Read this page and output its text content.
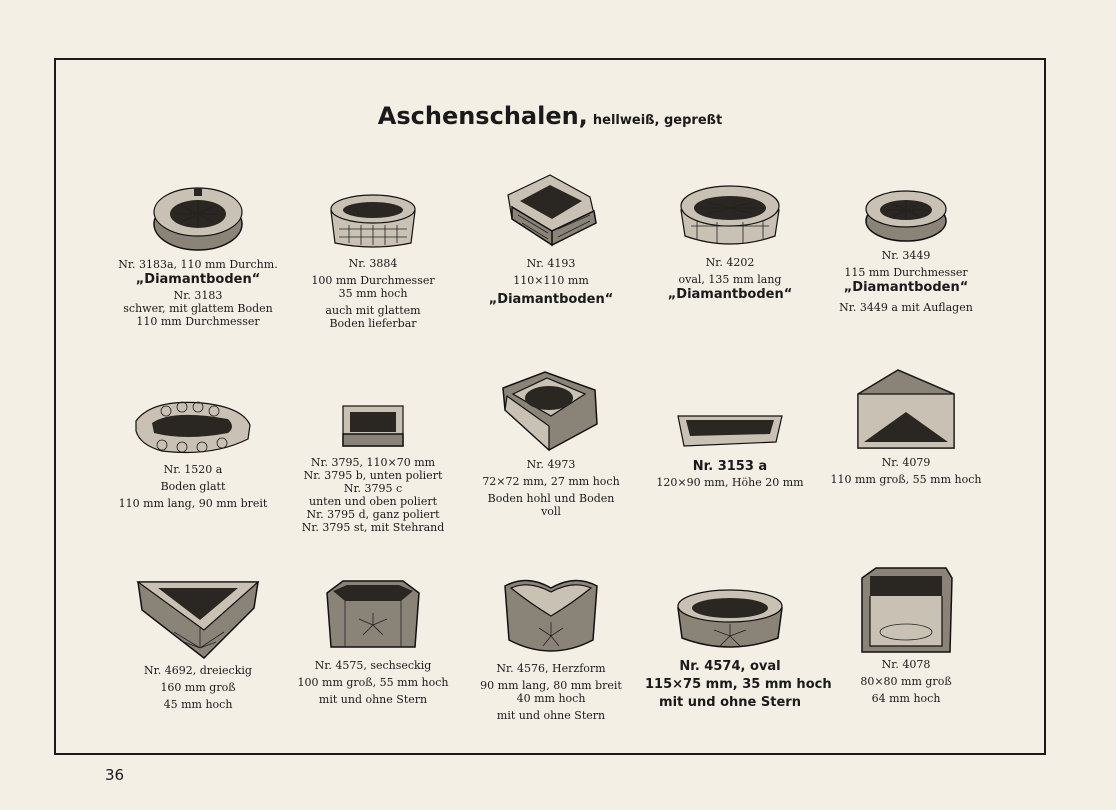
Aschenschalen, hellweiß, gepreßt
Nr. 3183a, 110 mm Durchm.
„Diamantboden“
Nr. 3183
schwer, mit glattem Boden
110 mm Durchmesser
Nr. 3884
100 mm Durchmesser
35 mm hoch
auch mit glattem
Boden lieferbar
Nr. 4193
110×110 mm
„Diamantboden“
Nr. 4202
oval, 135 mm lang
„Diamantboden“
Nr. 3449
115 mm Durchmesser
„Diamantboden“
Nr. 3449 a mit Auflagen
Nr. 1520 a
Boden glatt
110 mm lang, 90 mm breit
Nr. 3795, 110×70 mm
Nr. 3795 b, unten poliert
Nr. 3795 c
unten und oben poliert
Nr. 3795 d, ganz poliert
Nr. 3795 st, mit Stehrand
Nr. 4973
72×72 mm, 27 mm hoch
Boden hohl und Boden
voll
Nr. 3153 a
120×90 mm, Höhe 20 mm
Nr. 4079
110 mm groß, 55 mm hoch
Nr. 4692, dreieckig
160 mm groß
45 mm hoch
Nr. 4575, sechseckig
100 mm groß, 55 mm hoch
mit und ohne Stern
Nr. 4576, Herzform
90 mm lang, 80 mm breit
40 mm hoch
mit und ohne Stern
Nr. 4574, oval
115×75 mm, 35 mm hoch
mit und ohne Stern
Nr. 4078
80×80 mm groß
64 mm hoch
36
